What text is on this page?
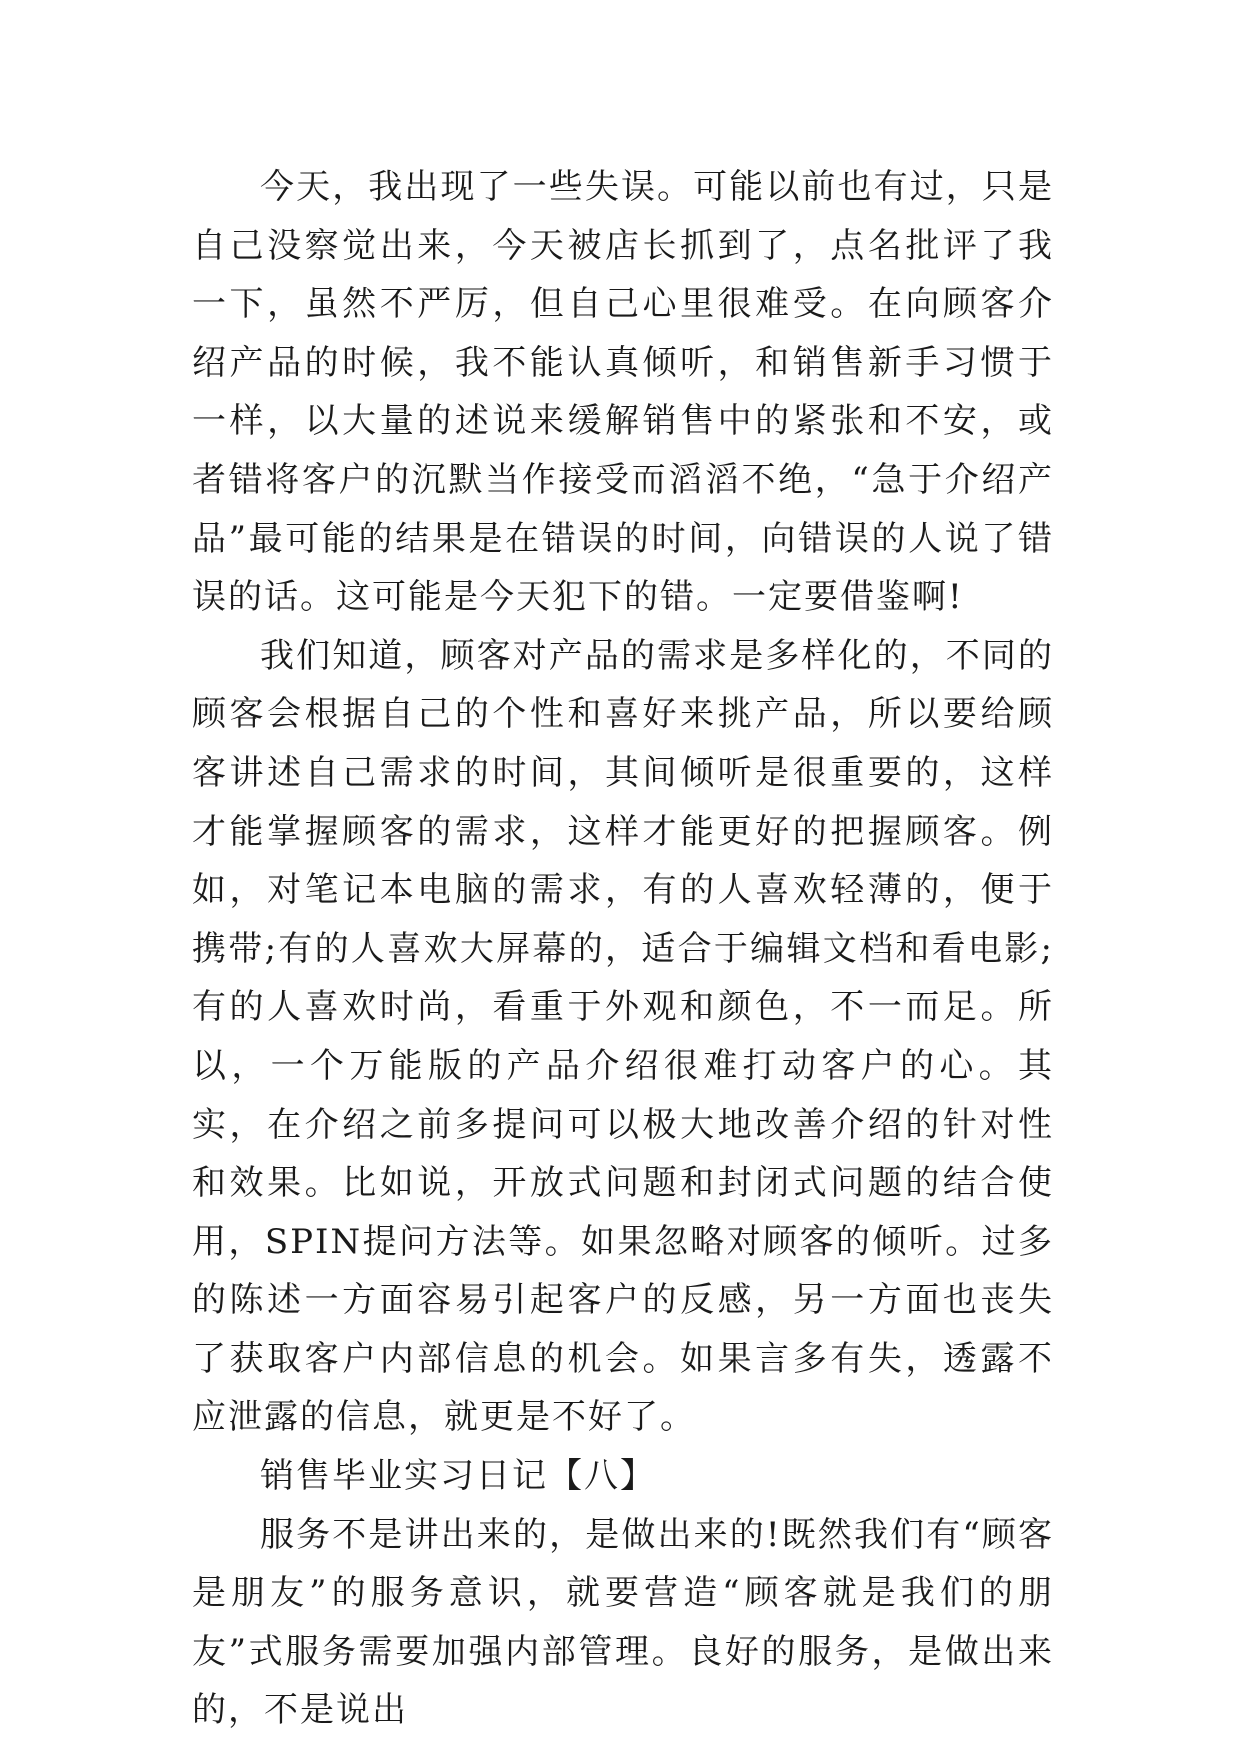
今天，我出现了一些失误。可能以前也有过，只是自己没察觉出来，今天被店长抓到了，点名批评了我一下，虽然不严厉，但自己心里很难受。在向顾客介绍产品的时候，我不能认真倾听，和销售新手习惯于一样，以大量的述说来缓解销售中的紧张和不安，或者错将客户的沉默当作接受而滔滔不绝，“急于介绍产品”最可能的结果是在错误的时间，向错误的人说了错误的话。这可能是今天犯下的错。一定要借鉴啊!

我们知道，顾客对产品的需求是多样化的，不同的顾客会根据自己的个性和喜好来挑产品，所以要给顾客讲述自己需求的时间，其间倾听是很重要的，这样才能掌握顾客的需求，这样才能更好的把握顾客。例如，对笔记本电脑的需求，有的人喜欢轻薄的，便于携带;有的人喜欢大屏幕的，适合于编辑文档和看电影;有的人喜欢时尚，看重于外观和颜色，不一而足。所以，一个万能版的产品介绍很难打动客户的心。其实，在介绍之前多提问可以极大地改善介绍的针对性和效果。比如说，开放式问题和封闭式问题的结合使用，SPIN提问方法等。如果忽略对顾客的倾听。过多的陈述一方面容易引起客户的反感，另一方面也丧失了获取客户内部信息的机会。如果言多有失，透露不应泄露的信息，就更是不好了。

销售毕业实习日记【八】

服务不是讲出来的，是做出来的!既然我们有“顾客是朋友”的服务意识，就要营造“顾客就是我们的朋友”式服务需要加强内部管理。良好的服务，是做出来的，不是说出
